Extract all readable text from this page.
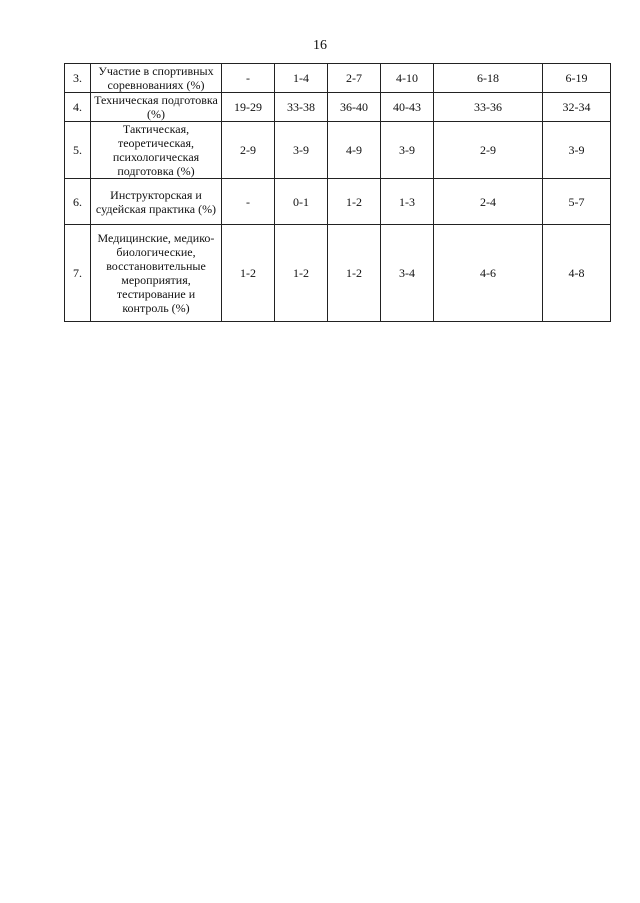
16
3.	Участие в спортивных соревнованиях (%)	-	1-4	2-7	4-10	6-18	6-19
4.	Техническая подготовка (%)	19-29	33-38	36-40	40-43	33-36	32-34
5.	Тактическая, теоретическая, психологическая подготовка (%)	2-9	3-9	4-9	3-9	2-9	3-9
6.	Инструкторская и судейская практика (%)	-	0-1	1-2	1-3	2-4	5-7
7.	Медицинские, медико-биологические, восстановительные мероприятия, тестирование и контроль (%)	1-2	1-2	1-2	3-4	4-6	4-8
